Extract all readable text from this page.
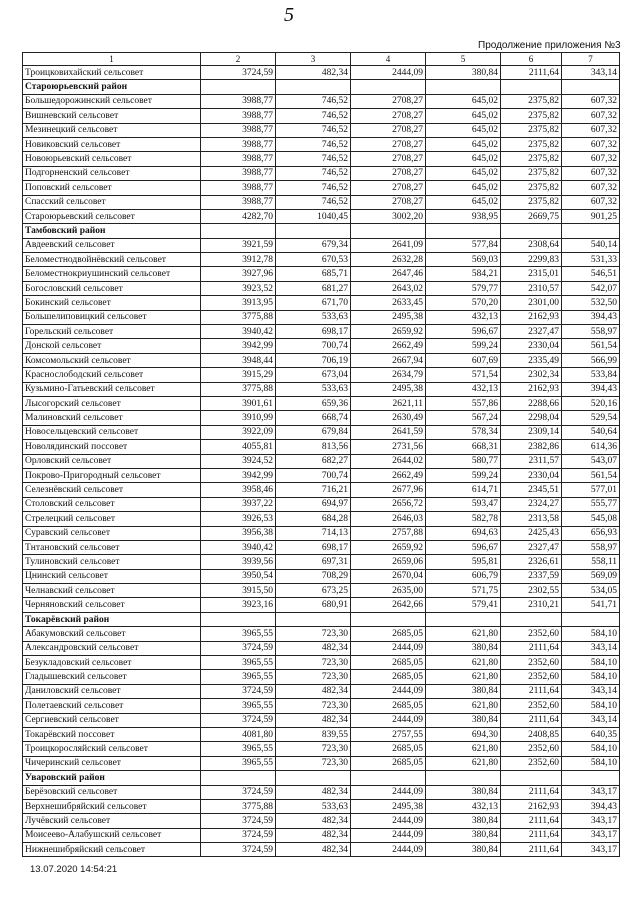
5
Продолжение приложения №3
1	2	3	4	5	6	7
Троицковихайский сельсовет	3724,59	482,34	2444,09	380,84	2111,64	343,14
Староюрьевский район						
Большедорожинский сельсовет	3988,77	746,52	2708,27	645,02	2375,82	607,32
Вишневский сельсовет	3988,77	746,52	2708,27	645,02	2375,82	607,32
Мезинецкий сельсовет	3988,77	746,52	2708,27	645,02	2375,82	607,32
Новиковский сельсовет	3988,77	746,52	2708,27	645,02	2375,82	607,32
Новоюрьевский сельсовет	3988,77	746,52	2708,27	645,02	2375,82	607,32
Подгорненский сельсовет	3988,77	746,52	2708,27	645,02	2375,82	607,32
Поповский сельсовет	3988,77	746,52	2708,27	645,02	2375,82	607,32
Спасский сельсовет	3988,77	746,52	2708,27	645,02	2375,82	607,32
Староюрьевский сельсовет	4282,70	1040,45	3002,20	938,95	2669,75	901,25
Тамбовский район						
Авдеевский сельсовет	3921,59	679,34	2641,09	577,84	2308,64	540,14
Беломестнодвойнёвский сельсовет	3912,78	670,53	2632,28	569,03	2299,83	531,33
Беломестнокриушинский сельсовет	3927,96	685,71	2647,46	584,21	2315,01	546,51
Богословский сельсовет	3923,52	681,27	2643,02	579,77	2310,57	542,07
Бокинский сельсовет	3913,95	671,70	2633,45	570,20	2301,00	532,50
Большелиповицкий сельсовет	3775,88	533,63	2495,38	432,13	2162,93	394,43
Горельский сельсовет	3940,42	698,17	2659,92	596,67	2327,47	558,97
Донской сельсовет	3942,99	700,74	2662,49	599,24	2330,04	561,54
Комсомольский сельсовет	3948,44	706,19	2667,94	607,69	2335,49	566,99
Краснослободский сельсовет	3915,29	673,04	2634,79	571,54	2302,34	533,84
Кузьмино-Гатьевский сельсовет	3775,88	533,63	2495,38	432,13	2162,93	394,43
Лысогорский сельсовет	3901,61	659,36	2621,11	557,86	2288,66	520,16
Малиновский сельсовет	3910,99	668,74	2630,49	567,24	2298,04	529,54
Новосельцевский сельсовет	3922,09	679,84	2641,59	578,34	2309,14	540,64
Новолядинский поссовет	4055,81	813,56	2731,56	668,31	2382,86	614,36
Орловский сельсовет	3924,52	682,27	2644,02	580,77	2311,57	543,07
Покрово-Пригородный сельсовет	3942,99	700,74	2662,49	599,24	2330,04	561,54
Селезнёвский сельсовет	3958,46	716,21	2677,96	614,71	2345,51	577,01
Столовский сельсовет	3937,22	694,97	2656,72	593,47	2324,27	555,77
Стрелецкий сельсовет	3926,53	684,28	2646,03	582,78	2313,58	545,08
Суравский сельсовет	3956,38	714,13	2757,88	694,63	2425,43	656,93
Тнтановский сельсовет	3940,42	698,17	2659,92	596,67	2327,47	558,97
Тулиновский сельсовет	3939,56	697,31	2659,06	595,81	2326,61	558,11
Цнинский сельсовет	3950,54	708,29	2670,04	606,79	2337,59	569,09
Челнавский сельсовет	3915,50	673,25	2635,00	571,75	2302,55	534,05
Черняновский сельсовет	3923,16	680,91	2642,66	579,41	2310,21	541,71
Токарёвский район						
Абакумовский сельсовет	3965,55	723,30	2685,05	621,80	2352,60	584,10
Александровский сельсовет	3724,59	482,34	2444,09	380,84	2111,64	343,14
Безукладовский сельсовет	3965,55	723,30	2685,05	621,80	2352,60	584,10
Гладышевский сельсовет	3965,55	723,30	2685,05	621,80	2352,60	584,10
Даниловский сельсовет	3724,59	482,34	2444,09	380,84	2111,64	343,14
Полетаевский сельсовет	3965,55	723,30	2685,05	621,80	2352,60	584,10
Сергиевский сельсовет	3724,59	482,34	2444,09	380,84	2111,64	343,14
Токарёвский поссовет	4081,80	839,55	2757,55	694,30	2408,85	640,35
Троицкоросляйский сельсовет	3965,55	723,30	2685,05	621,80	2352,60	584,10
Чичеринский сельсовет	3965,55	723,30	2685,05	621,80	2352,60	584,10
Уваровский район						
Берёзовский сельсовет	3724,59	482,34	2444,09	380,84	2111,64	343,17
Верхнешибряйский сельсовет	3775,88	533,63	2495,38	432,13	2162,93	394,43
Лучёвский сельсовет	3724,59	482,34	2444,09	380,84	2111,64	343,17
Моисеево-Алабушский сельсовет	3724,59	482,34	2444,09	380,84	2111,64	343,17
Нижнешибряйский сельсовет	3724,59	482,34	2444,09	380,84	2111,64	343,17
13.07.2020 14:54:21
